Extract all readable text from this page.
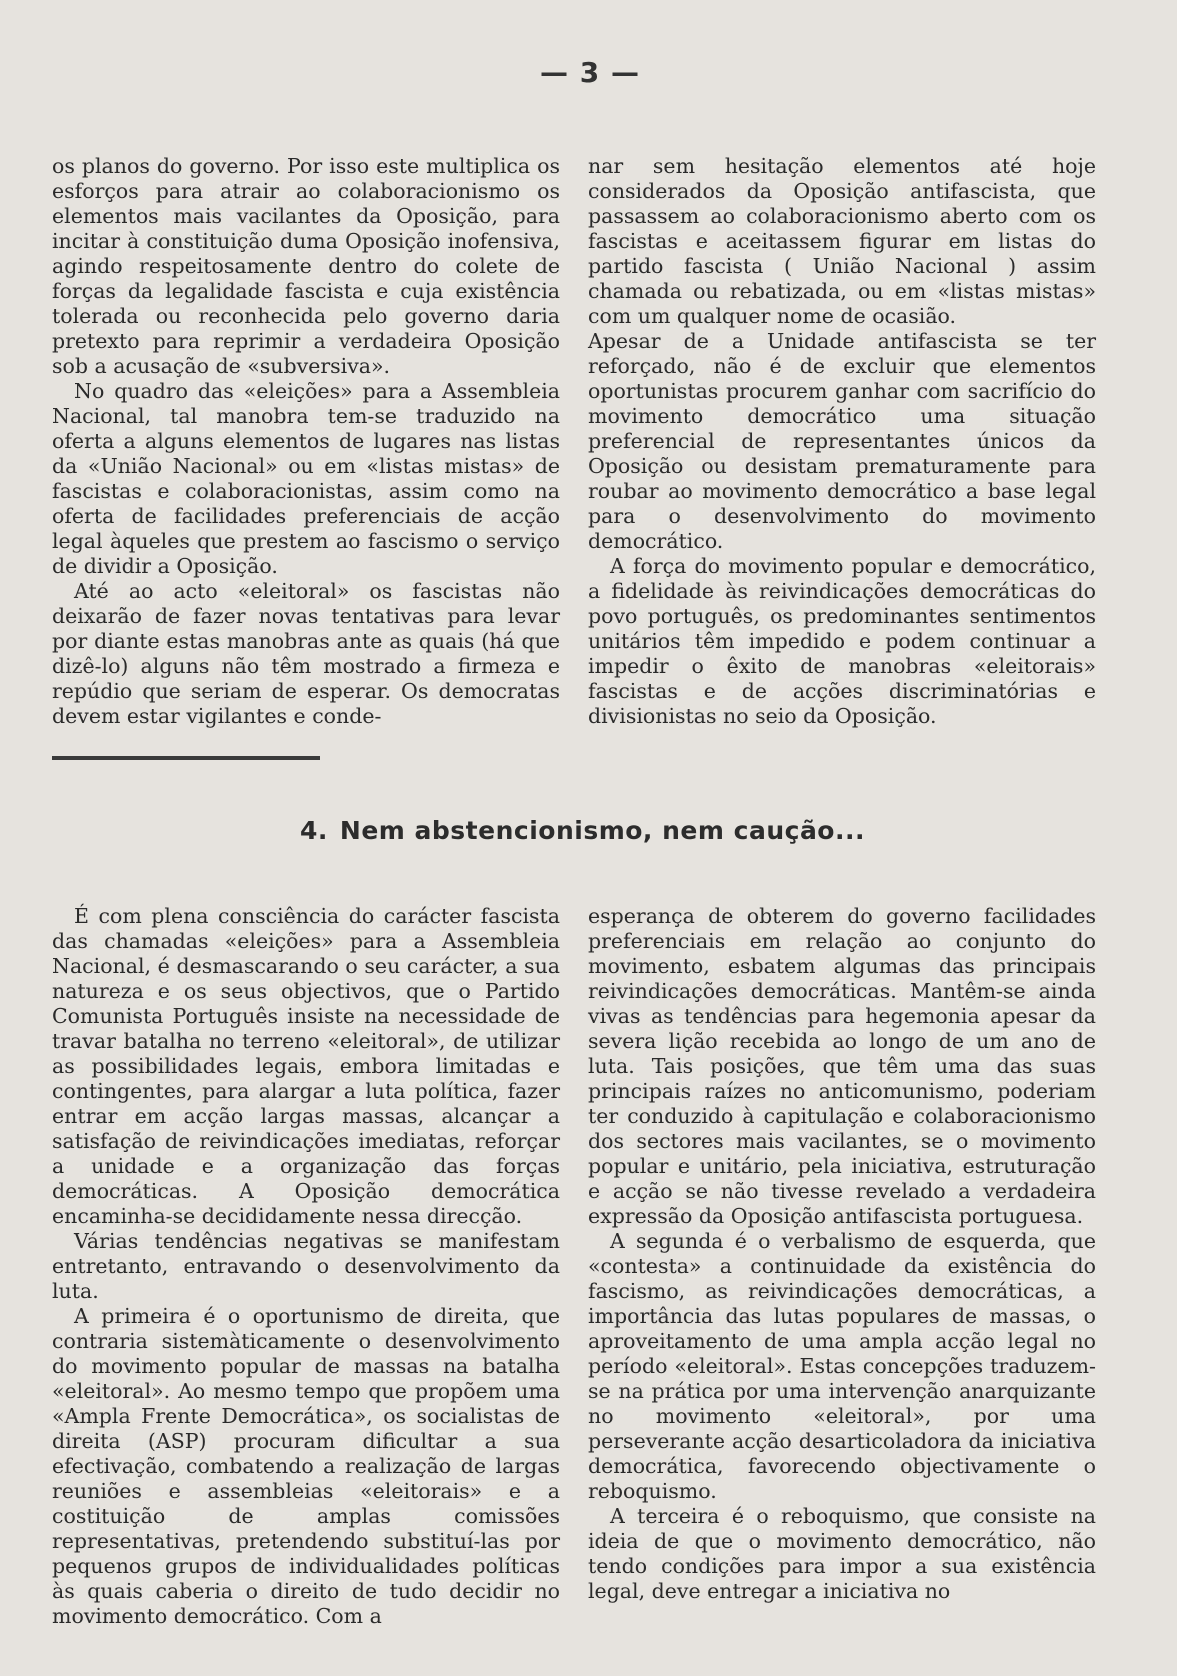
— 3 —

os planos do governo. Por isso este multiplica os esforços para atrair ao colaboracionismo os elementos mais vacilantes da Oposição, para incitar à constituição duma Oposição inofensiva, agindo respeitosamente dentro do colete de forças da legalidade fascista e cuja existência tolerada ou reconhecida pelo governo daria pretexto para reprimir a verdadeira Oposição sob a acusação de «subversiva».

No quadro das «eleições» para a Assembleia Nacional, tal manobra tem-se traduzido na oferta a alguns elementos de lugares nas listas da «União Nacional» ou em «listas mistas» de fascistas e colaboracionistas, assim como na oferta de facilidades preferenciais de acção legal àqueles que prestem ao fascismo o serviço de dividir a Oposição.

Até ao acto «eleitoral» os fascistas não deixarão de fazer novas tentativas para levar por diante estas manobras ante as quais (há que dizê-lo) alguns não têm mostrado a firmeza e repúdio que seriam de esperar. Os democratas devem estar vigilantes e conde-

nar sem hesitação elementos até hoje considerados da Oposição antifascista, que passassem ao colaboracionismo aberto com os fascistas e aceitassem figurar em listas do partido fascista ( União Nacional ) assim chamada ou rebatizada, ou em «listas mistas» com um qualquer nome de ocasião.

Apesar de a Unidade antifascista se ter reforçado, não é de excluir que elementos oportunistas procurem ganhar com sacrifício do movimento democrático uma situação preferencial de representantes únicos da Oposição ou desistam prematuramente para roubar ao movimento democrático a base legal para o desenvolvimento do movimento democrático.

A força do movimento popular e democrático, a fidelidade às reivindicações democráticas do povo português, os predominantes sentimentos unitários têm impedido e podem continuar a impedir o êxito de manobras «eleitorais» fascistas e de acções discriminatórias e divisionistas no seio da Oposição.

4. Nem abstencionismo, nem caução...

É com plena consciência do carácter fascista das chamadas «eleições» para a Assembleia Nacional, é desmascarando o seu carácter, a sua natureza e os seus objectivos, que o Partido Comunista Português insiste na necessidade de travar batalha no terreno «eleitoral», de utilizar as possibilidades legais, embora limitadas e contingentes, para alargar a luta política, fazer entrar em acção largas massas, alcançar a satisfação de reivindicações imediatas, reforçar a unidade e a organização das forças democráticas. A Oposição democrática encaminha-se decididamente nessa direcção.

Várias tendências negativas se manifestam entretanto, entravando o desenvolvimento da luta.

A primeira é o oportunismo de direita, que contraria sistemàticamente o desenvolvimento do movimento popular de massas na batalha «eleitoral». Ao mesmo tempo que propõem uma «Ampla Frente Democrática», os socialistas de direita (ASP) procuram dificultar a sua efectivação, combatendo a realização de largas reuniões e assembleias «eleitorais» e a costituição de amplas comissões representativas, pretendendo substituí-las por pequenos grupos de individualidades políticas às quais caberia o direito de tudo decidir no movimento democrático. Com a

esperança de obterem do governo facilidades preferenciais em relação ao conjunto do movimento, esbatem algumas das principais reivindicações democráticas. Mantêm-se ainda vivas as tendências para hegemonia apesar da severa lição recebida ao longo de um ano de luta. Tais posições, que têm uma das suas principais raízes no anticomunismo, poderiam ter conduzido à capitulação e colaboracionismo dos sectores mais vacilantes, se o movimento popular e unitário, pela iniciativa, estruturação e acção se não tivesse revelado a verdadeira expressão da Oposição antifascista portuguesa.

A segunda é o verbalismo de esquerda, que «contesta» a continuidade da existência do fascismo, as reivindicações democráticas, a importância das lutas populares de massas, o aproveitamento de uma ampla acção legal no período «eleitoral». Estas concepções traduzem-se na prática por uma intervenção anarquizante no movimento «eleitoral», por uma perseverante acção desarticoladora da iniciativa democrática, favorecendo objectivamente o reboquismo.

A terceira é o reboquismo, que consiste na ideia de que o movimento democrático, não tendo condições para impor a sua existência legal, deve entregar a iniciativa no
